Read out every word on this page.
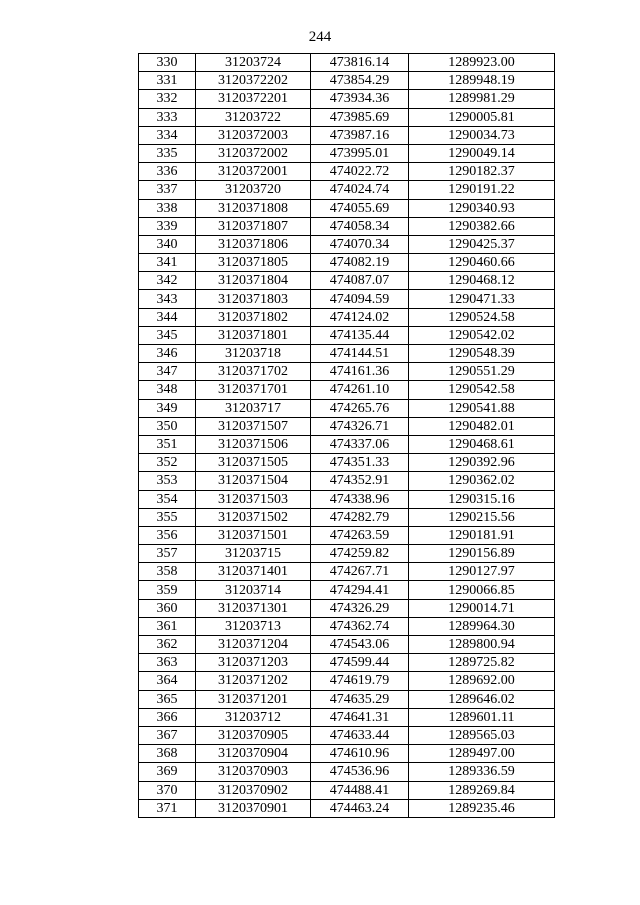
244
330	31203724	473816.14	1289923.00
331	3120372202	473854.29	1289948.19
332	3120372201	473934.36	1289981.29
333	31203722	473985.69	1290005.81
334	3120372003	473987.16	1290034.73
335	3120372002	473995.01	1290049.14
336	3120372001	474022.72	1290182.37
337	31203720	474024.74	1290191.22
338	3120371808	474055.69	1290340.93
339	3120371807	474058.34	1290382.66
340	3120371806	474070.34	1290425.37
341	3120371805	474082.19	1290460.66
342	3120371804	474087.07	1290468.12
343	3120371803	474094.59	1290471.33
344	3120371802	474124.02	1290524.58
345	3120371801	474135.44	1290542.02
346	31203718	474144.51	1290548.39
347	3120371702	474161.36	1290551.29
348	3120371701	474261.10	1290542.58
349	31203717	474265.76	1290541.88
350	3120371507	474326.71	1290482.01
351	3120371506	474337.06	1290468.61
352	3120371505	474351.33	1290392.96
353	3120371504	474352.91	1290362.02
354	3120371503	474338.96	1290315.16
355	3120371502	474282.79	1290215.56
356	3120371501	474263.59	1290181.91
357	31203715	474259.82	1290156.89
358	3120371401	474267.71	1290127.97
359	31203714	474294.41	1290066.85
360	3120371301	474326.29	1290014.71
361	31203713	474362.74	1289964.30
362	3120371204	474543.06	1289800.94
363	3120371203	474599.44	1289725.82
364	3120371202	474619.79	1289692.00
365	3120371201	474635.29	1289646.02
366	31203712	474641.31	1289601.11
367	3120370905	474633.44	1289565.03
368	3120370904	474610.96	1289497.00
369	3120370903	474536.96	1289336.59
370	3120370902	474488.41	1289269.84
371	3120370901	474463.24	1289235.46
